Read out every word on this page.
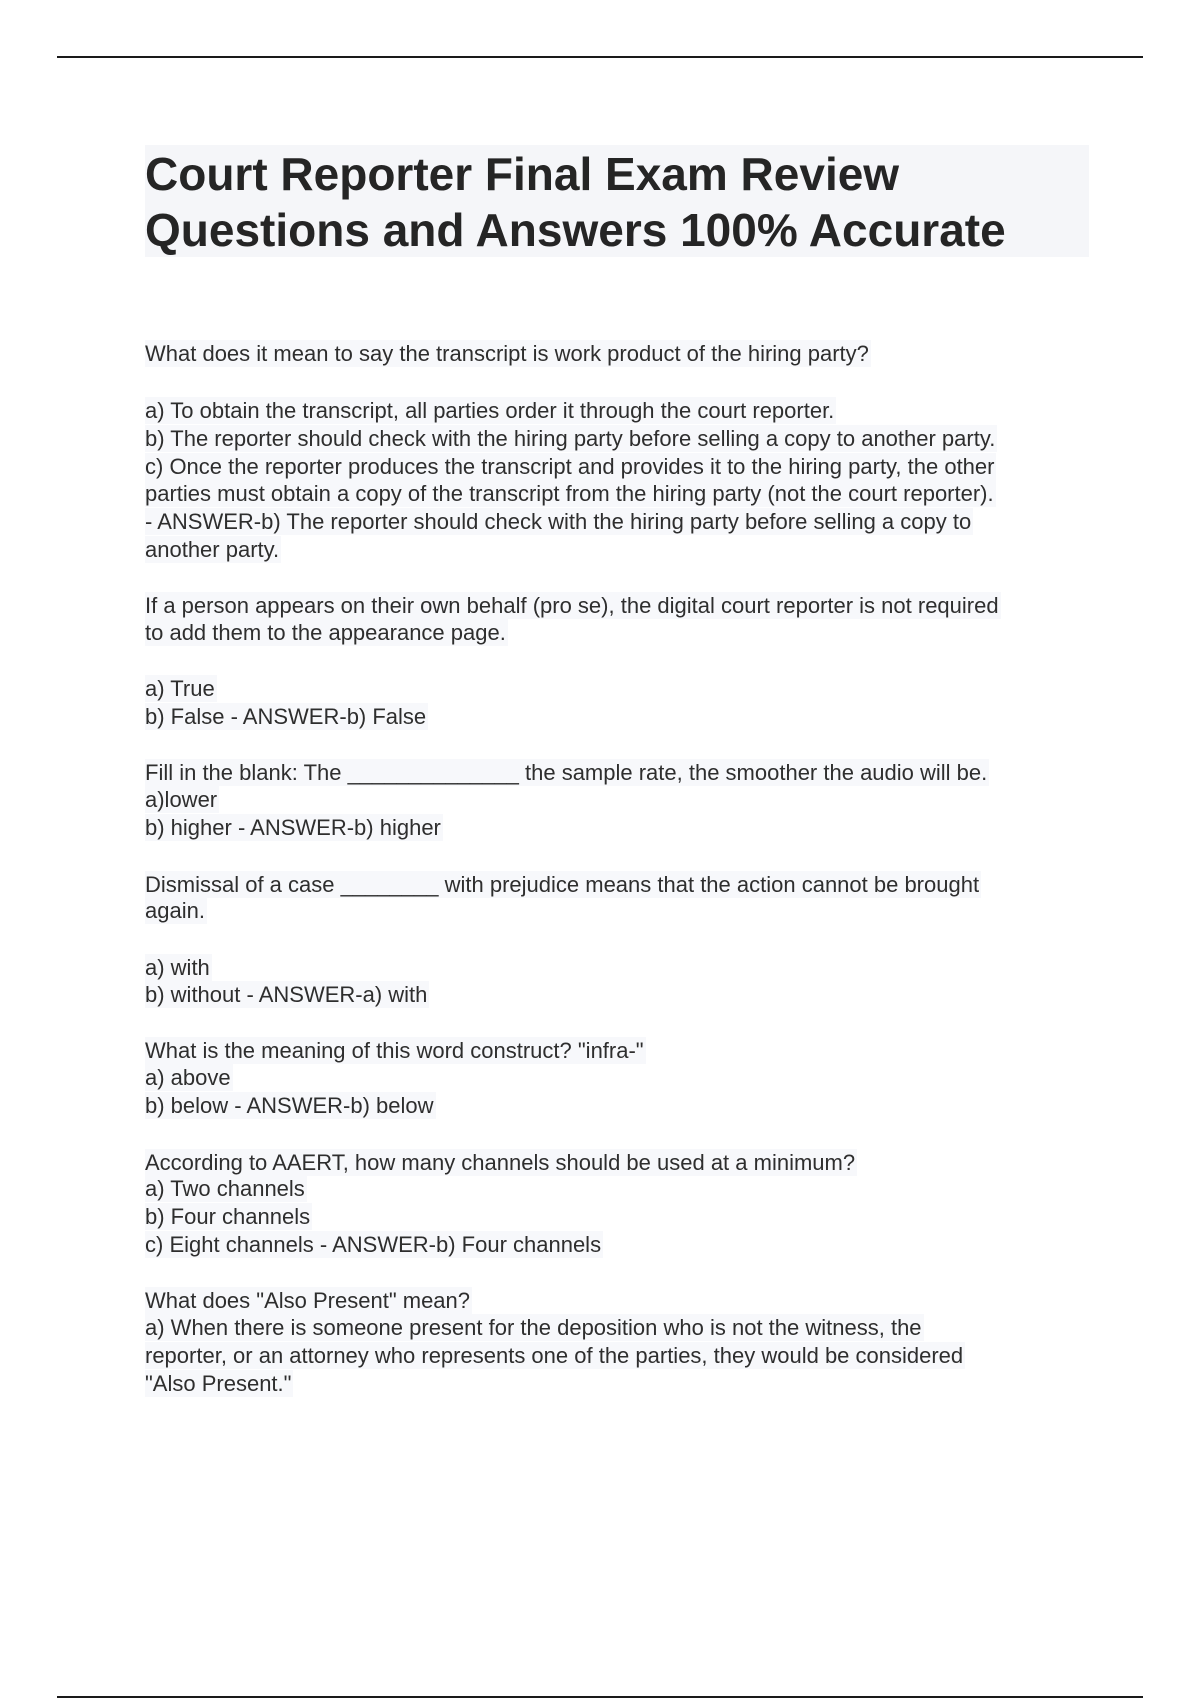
Court Reporter Final Exam Review
Questions and Answers 100% Accurate
What does it mean to say the transcript is work product of the hiring party?
a) To obtain the transcript, all parties order it through the court reporter.
b) The reporter should check with the hiring party before selling a copy to another party.
c) Once the reporter produces the transcript and provides it to the hiring party, the other
parties must obtain a copy of the transcript from the hiring party (not the court reporter).
- ANSWER-b) The reporter should check with the hiring party before selling a copy to
another party.
If a person appears on their own behalf (pro se), the digital court reporter is not required
to add them to the appearance page.
a) True
b) False - ANSWER-b) False
Fill in the blank: The ______________ the sample rate, the smoother the audio will be.
a)lower
b) higher - ANSWER-b) higher
Dismissal of a case ________ with prejudice means that the action cannot be brought
again.
a) with
b) without - ANSWER-a) with
What is the meaning of this word construct? "infra-"
a) above
b) below - ANSWER-b) below
According to AAERT, how many channels should be used at a minimum?
a) Two channels
b) Four channels
c) Eight channels - ANSWER-b) Four channels
What does "Also Present" mean?
a) When there is someone present for the deposition who is not the witness, the
reporter, or an attorney who represents one of the parties, they would be considered
"Also Present."
